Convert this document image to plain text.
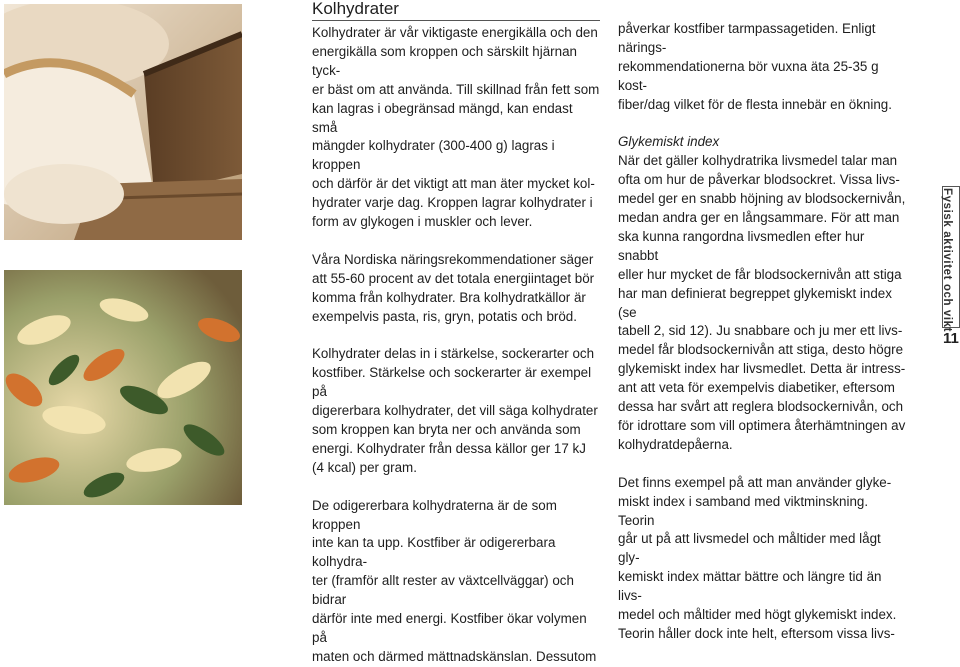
Kolhydrater

Kolhydrater är vår viktigaste energikälla och den

energikälla som kroppen och särskilt hjärnan tyck-

er bäst om att använda. Till skillnad från fett som

kan lagras i obegränsad mängd, kan endast små

mängder kolhydrater (300-400 g) lagras i kroppen

och därför är det viktigt att man äter mycket kol-

hydrater varje dag. Kroppen lagrar kolhydrater i

form av glykogen i muskler och lever.

Våra Nordiska näringsrekommendationer säger

att 55-60 procent av det totala energiintaget bör

komma från kolhydrater. Bra kolhydratkällor är

exempelvis pasta, ris, gryn, potatis och bröd.

Kolhydrater delas in i stärkelse, sockerarter och

kostfiber. Stärkelse och sockerarter är exempel på

digererbara kolhydrater, det vill säga kolhydrater

som kroppen kan bryta ner och använda som

energi. Kolhydrater från dessa källor ger 17 kJ

(4 kcal) per gram.

De odigererbara kolhydraterna är de som kroppen

inte kan ta upp. Kostfiber är odigererbara kolhydra-

ter (framför allt rester av växtcellväggar) och bidrar

därför inte med energi. Kostfiber ökar volymen på

maten och därmed mättnadskänslan. Dessutom

påverkar kostfiber tarmpassagetiden. Enligt närings-

rekommendationerna bör vuxna äta 25-35 g kost-

fiber/dag vilket för de flesta innebär en ökning.

Glykemiskt index

När det gäller kolhydratrika livsmedel talar man

ofta om hur de påverkar blodsockret. Vissa livs-

medel ger en snabb höjning av blodsockernivån,

medan andra ger en långsammare. För att man

ska kunna rangordna livsmedlen efter hur snabbt

eller hur mycket de får blodsockernivån att stiga

har man definierat begreppet glykemiskt index (se

tabell 2, sid 12). Ju snabbare och ju mer ett livs-

medel får blodsockernivån att stiga, desto högre

glykemiskt index har livsmedlet. Detta är intress-

ant att veta för exempelvis diabetiker, eftersom

dessa har svårt att reglera blodsockernivån, och

för idrottare som vill optimera återhämtningen av

kolhydratdepåerna.

Det finns exempel på att man använder glyke-

miskt index i samband med viktminskning. Teorin

går ut på att livsmedel och måltider med lågt gly-

kemiskt index mättar bättre och längre tid än livs-

medel och måltider med högt glykemiskt index.

Teorin håller dock inte helt, eftersom vissa livs-

Fysisk aktivitet och vikt
11
